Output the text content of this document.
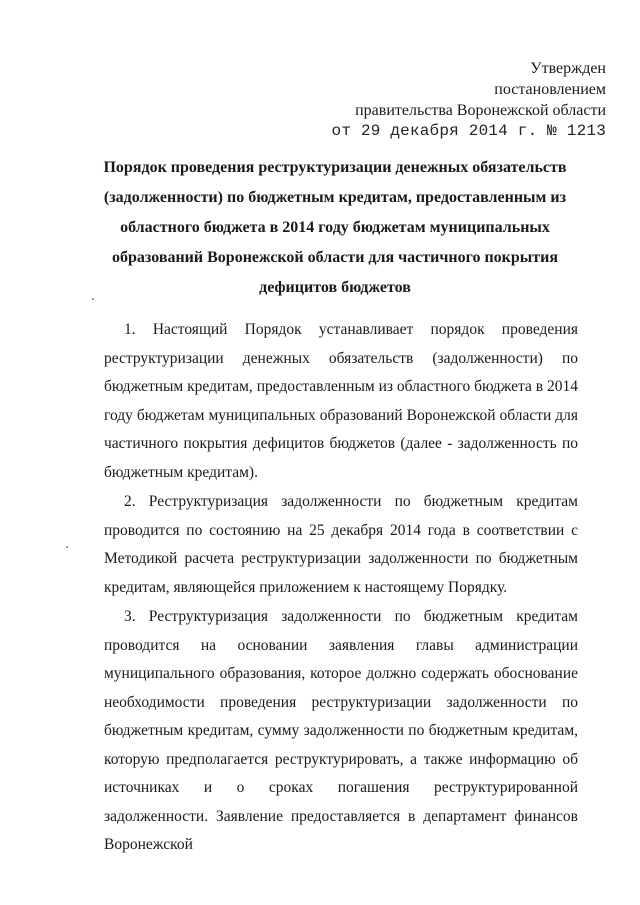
Утвержден
постановлением
правительства Воронежской области
от 29 декабря 2014 г. № 1213
Порядок проведения реструктуризации денежных обязательств
(задолженности) по бюджетным кредитам, предоставленным из
областного бюджета в 2014 году бюджетам муниципальных
образований Воронежской области для частичного покрытия
дефицитов бюджетов

1. Настоящий Порядок устанавливает порядок проведения реструктуризации денежных обязательств (задолженности) по бюджетным кредитам, предоставленным из областного бюджета в 2014 году бюджетам муниципальных образований Воронежской области для частичного покрытия дефицитов бюджетов (далее - задолженность по бюджетным кредитам).

2. Реструктуризация задолженности по бюджетным кредитам проводится по состоянию на 25 декабря 2014 года в соответствии с Методикой расчета реструктуризации задолженности по бюджетным кредитам, являющейся приложением к настоящему Порядку.

3. Реструктуризация задолженности по бюджетным кредитам проводится на основании заявления главы администрации муниципального образования, которое должно содержать обоснование необходимости проведения реструктуризации задолженности по бюджетным кредитам, сумму задолженности по бюджетным кредитам, которую предполагается реструктурировать, а также информацию об источниках и о сроках погашения реструктурированной задолженности. Заявление предоставляется в департамент финансов Воронежской
